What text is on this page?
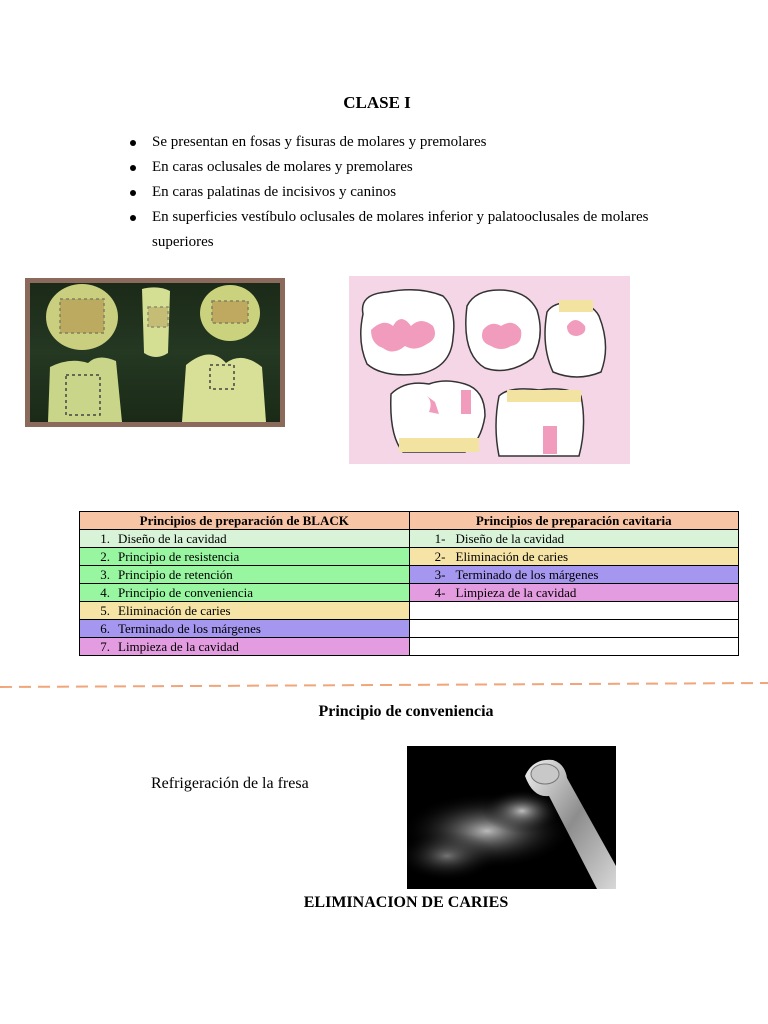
CLASE I
Se presentan en fosas y fisuras de molares y premolares
En caras oclusales de molares y premolares
En caras palatinas de incisivos y caninos
En superficies vestíbulo oclusales de molares inferior y palatooclusales de molares superiores
Principios de preparación de BLACK	Principios de preparación cavitaria
1. Diseño de la cavidad	1- Diseño de la cavidad
2. Principio de resistencia	2- Eliminación de caries
3. Principio de retención	3- Terminado de los márgenes
4. Principio de conveniencia	4- Limpieza de la cavidad
5. Eliminación de caries	
6. Terminado de los márgenes	
7. Limpieza de la cavidad	
Principio de conveniencia
Refrigeración de la fresa
ELIMINACION DE CARIES
